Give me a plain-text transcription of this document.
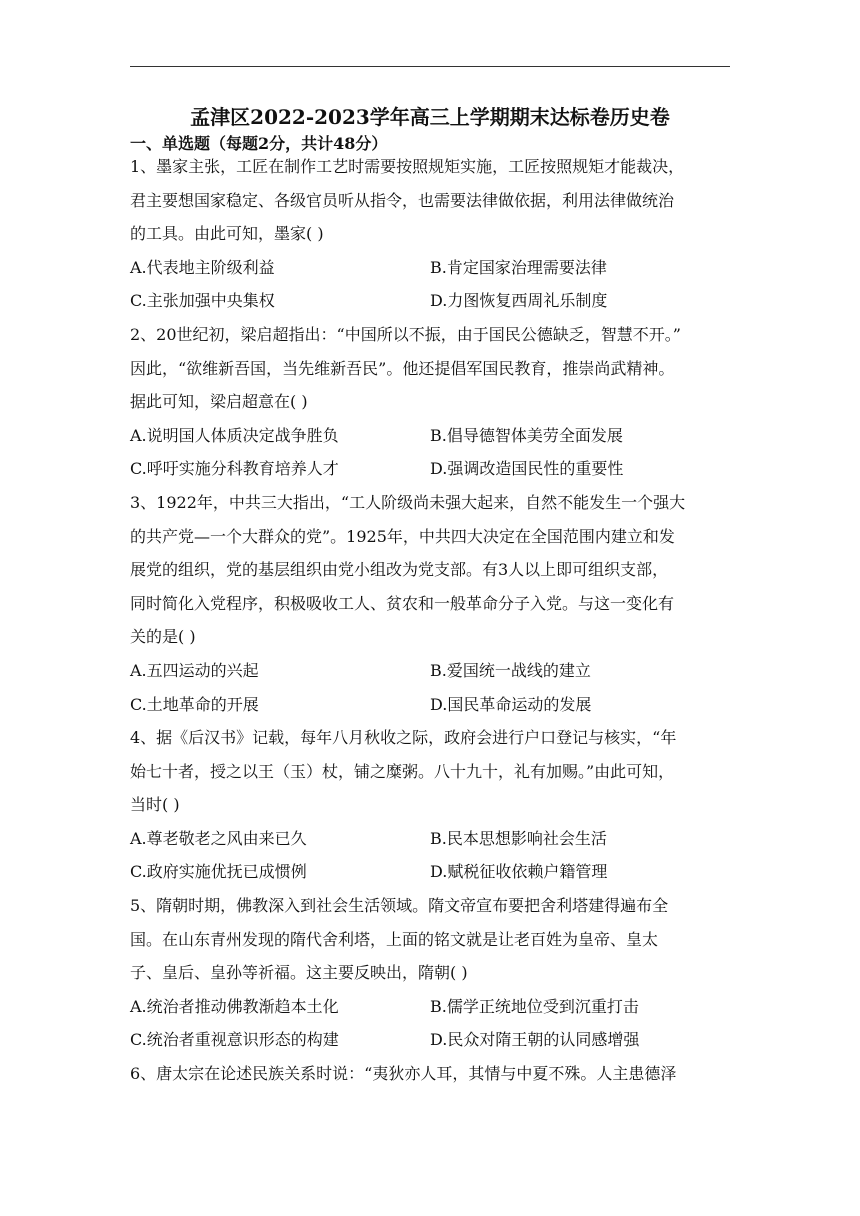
孟津区2022-2023学年高三上学期期末达标卷历史卷
一、单选题（每题2分，共计48分）
1、墨家主张，工匠在制作工艺时需要按照规矩实施，工匠按照规矩才能裁决，
君主要想国家稳定、各级官员听从指令，也需要法律做依据，利用法律做统治
的工具。由此可知，墨家( )
A.代表地主阶级利益	B.肯定国家治理需要法律
C.主张加强中央集权	D.力图恢复西周礼乐制度
2、20世纪初，梁启超指出：“中国所以不振，由于国民公德缺乏，智慧不开。”
因此，“欲维新吾国，当先维新吾民”。他还提倡军国民教育，推崇尚武精神。
据此可知，梁启超意在( )
A.说明国人体质决定战争胜负	B.倡导德智体美劳全面发展
C.呼吁实施分科教育培养人才	D.强调改造国民性的重要性
3、1922年，中共三大指出，“工人阶级尚未强大起来，自然不能发生一个强大
的共产党—一个大群众的党”。1925年，中共四大决定在全国范围内建立和发
展党的组织，党的基层组织由党小组改为党支部。有3人以上即可组织支部，
同时简化入党程序，积极吸收工人、贫农和一般革命分子入党。与这一变化有
关的是( )
A.五四运动的兴起	B.爱国统一战线的建立
C.土地革命的开展	D.国民革命运动的发展
4、据《后汉书》记载，每年八月秋收之际，政府会进行户口登记与核实，“年
始七十者，授之以王（玉）杖，铺之糜粥。八十九十，礼有加赐。”由此可知，
当时( )
A.尊老敬老之风由来已久	B.民本思想影响社会生活
C.政府实施优抚已成惯例	D.赋税征收依赖户籍管理
5、隋朝时期，佛教深入到社会生活领域。隋文帝宣布要把舍利塔建得遍布全
国。在山东青州发现的隋代舍利塔，上面的铭文就是让老百姓为皇帝、皇太
子、皇后、皇孙等祈福。这主要反映出，隋朝( )
A.统治者推动佛教渐趋本土化	B.儒学正统地位受到沉重打击
C.统治者重视意识形态的构建	D.民众对隋王朝的认同感增强
6、唐太宗在论述民族关系时说：“夷狄亦人耳，其情与中夏不殊。人主患德泽
